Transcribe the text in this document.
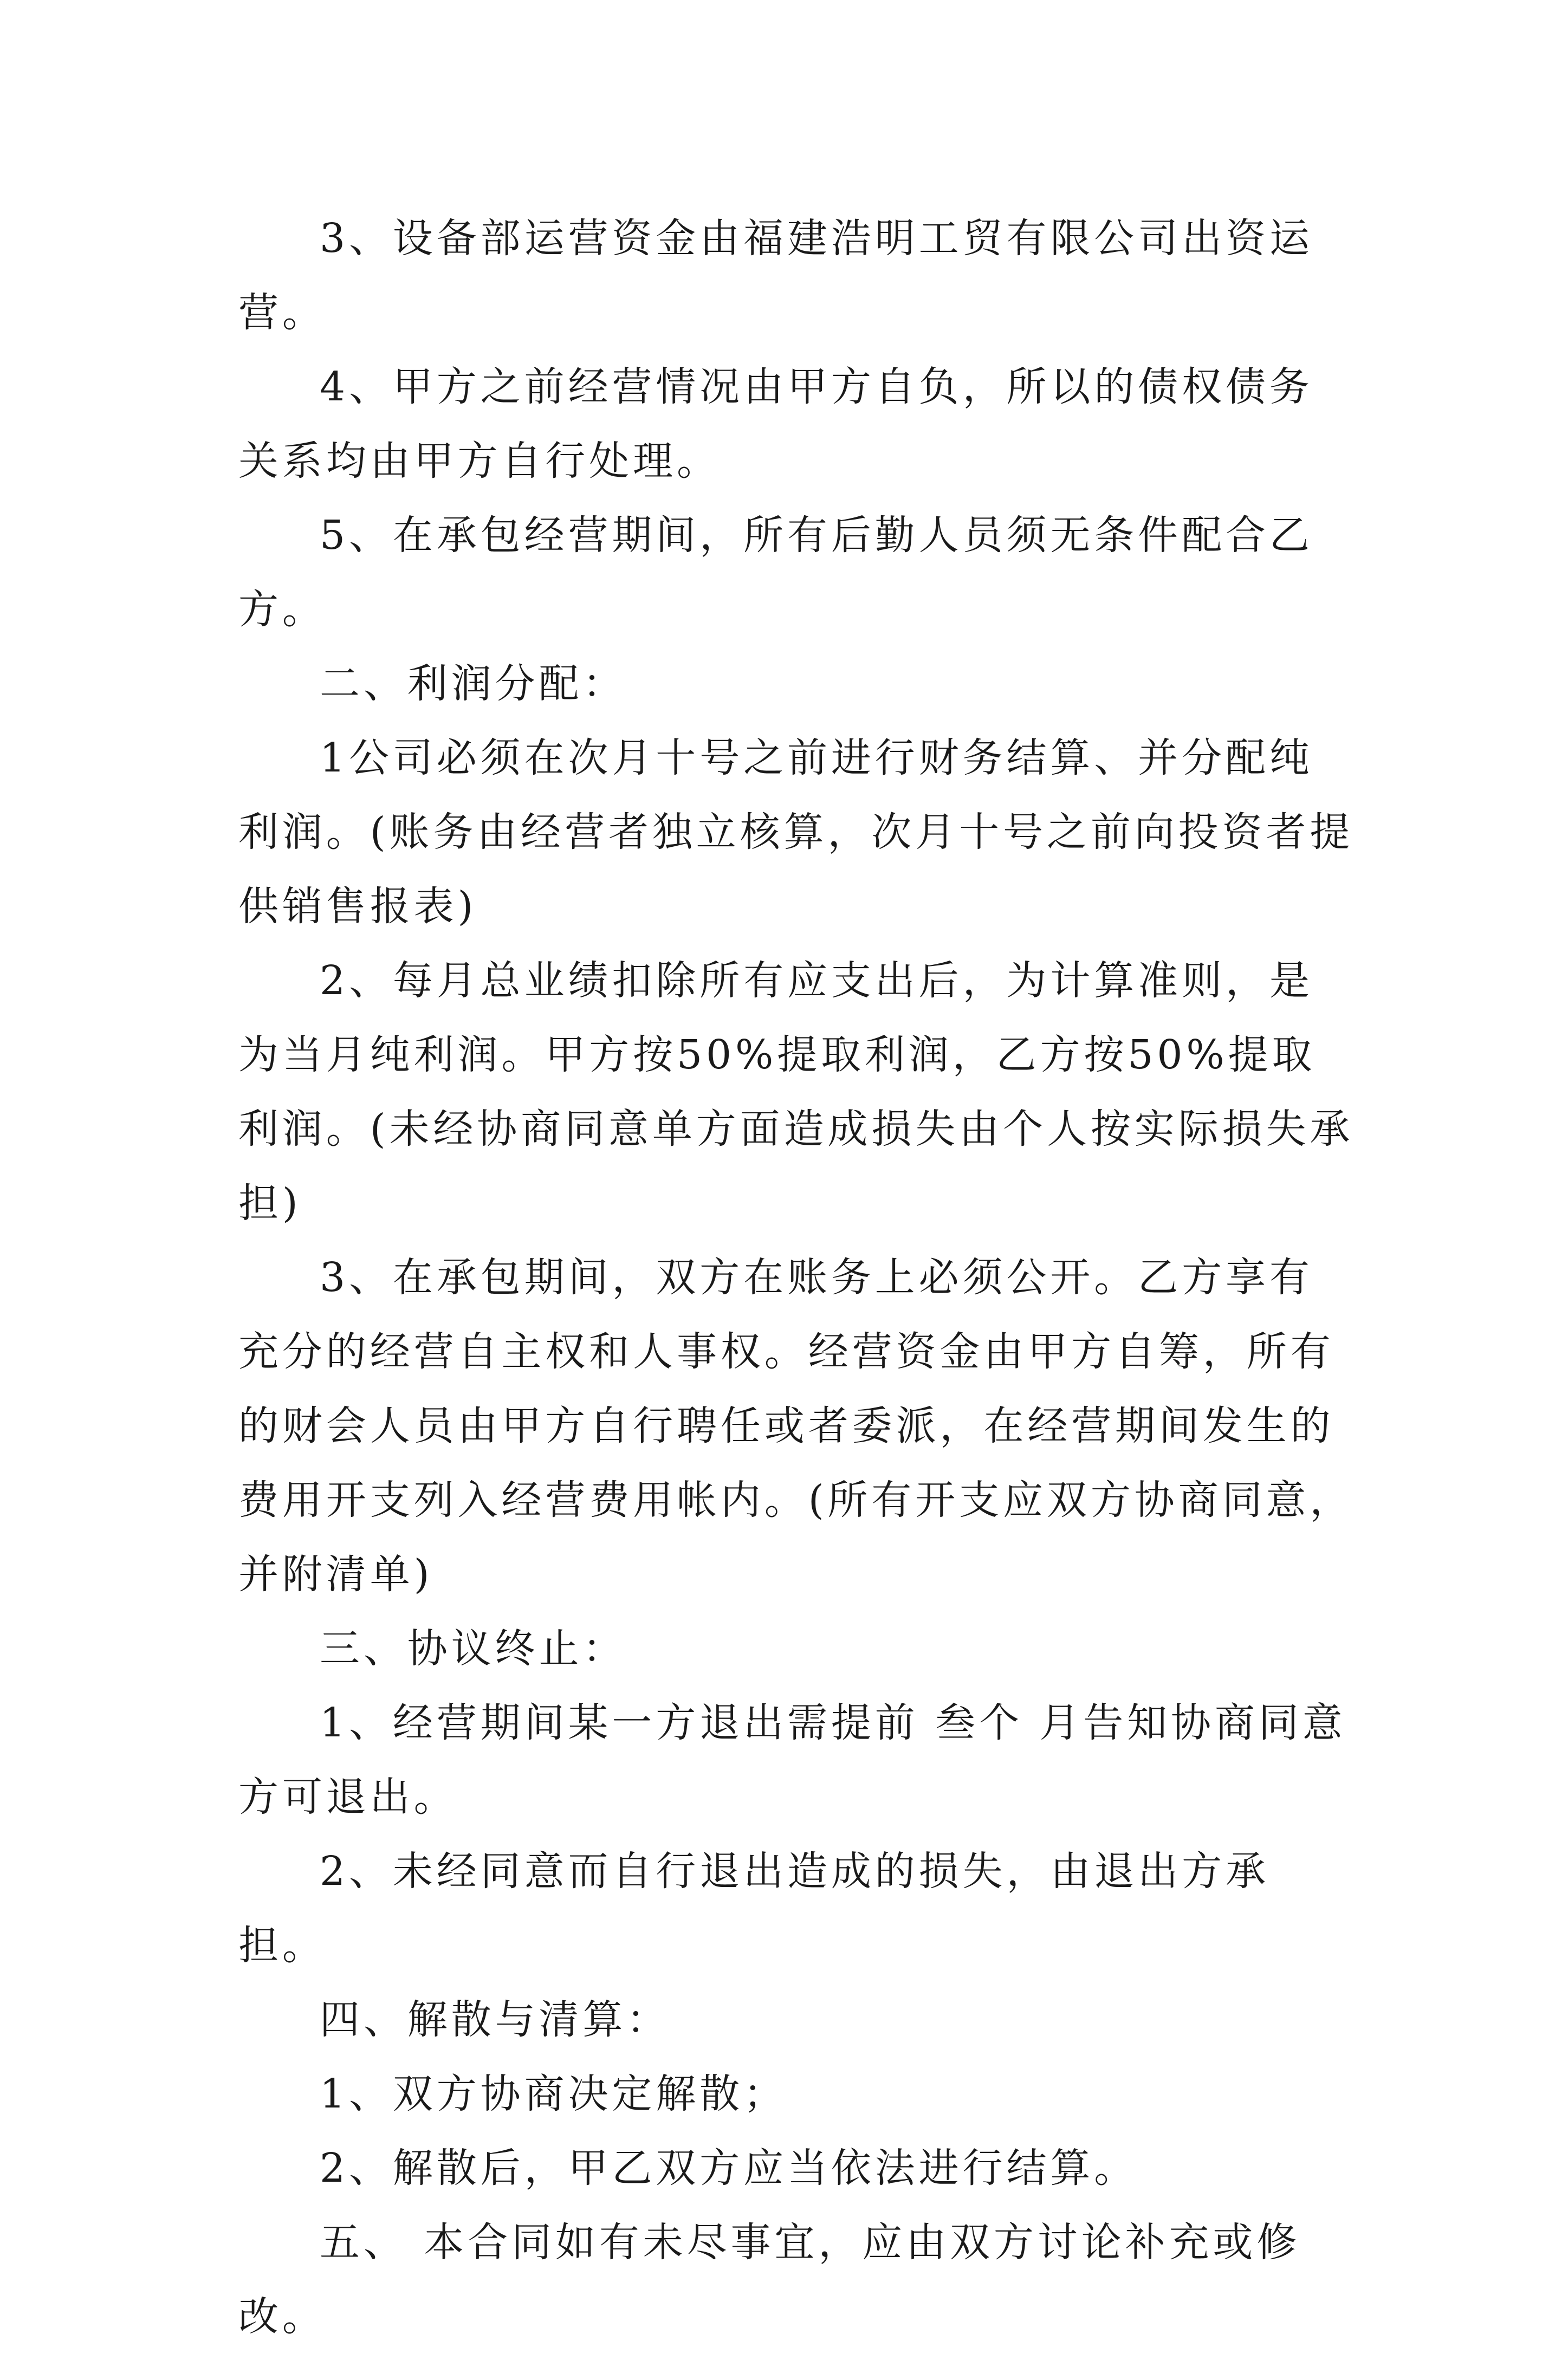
3、设备部运营资金由福建浩明工贸有限公司出资运营。

4、甲方之前经营情况由甲方自负，所以的债权债务关系均由甲方自行处理。

5、在承包经营期间，所有后勤人员须无条件配合乙方。

二、利润分配：

1公司必须在次月十号之前进行财务结算、并分配纯利润。(账务由经营者独立核算，次月十号之前向投资者提供销售报表)

2、每月总业绩扣除所有应支出后，为计算准则，是为当月纯利润。甲方按50%提取利润，乙方按50%提取利润。(未经协商同意单方面造成损失由个人按实际损失承担)

3、在承包期间，双方在账务上必须公开。乙方享有充分的经营自主权和人事权。经营资金由甲方自筹，所有的财会人员由甲方自行聘任或者委派，在经营期间发生的费用开支列入经营费用帐内。(所有开支应双方协商同意，并附清单)

三、协议终止：

1、经营期间某一方退出需提前 叁个 月告知协商同意方可退出。

2、未经同意而自行退出造成的损失，由退出方承担。

四、解散与清算：

1、双方协商决定解散；

2、解散后，甲乙双方应当依法进行结算。

五、 本合同如有未尽事宜，应由双方讨论补充或修改。
